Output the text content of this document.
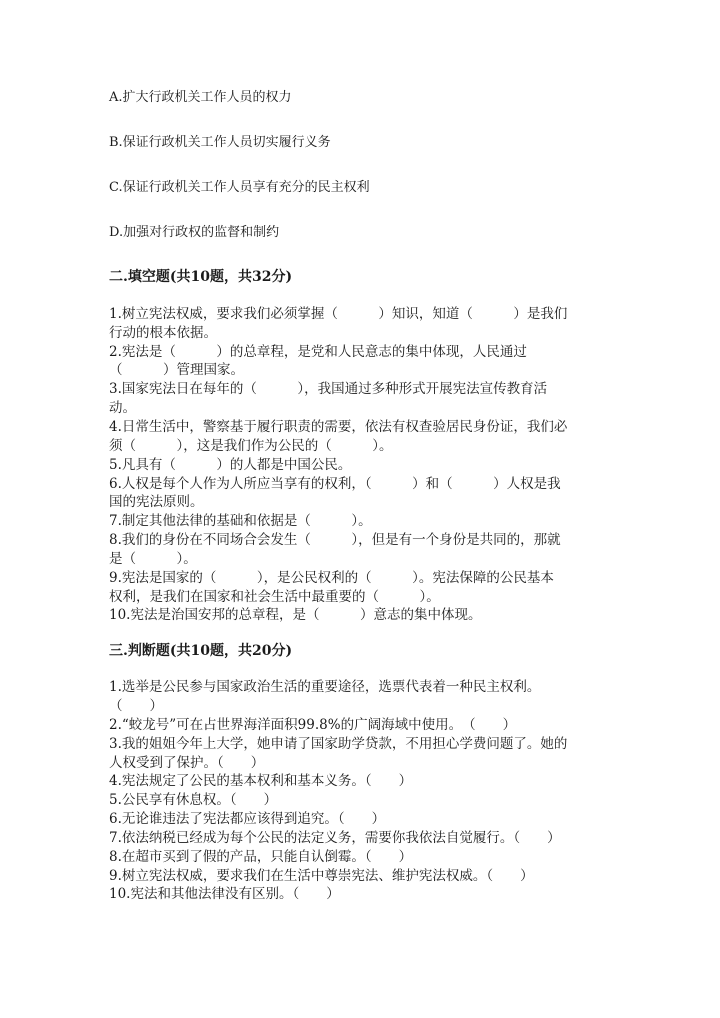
A.扩大行政机关工作人员的权力
B.保证行政机关工作人员切实履行义务
C.保证行政机关工作人员享有充分的民主权利
D.加强对行政权的监督和制约
二.填空题(共10题，共32分)
1.树立宪法权威，要求我们必须掌握（　　　）知识，知道（　　　）是我们
行动的根本依据。
2.宪法是（　　　）的总章程，是党和人民意志的集中体现，人民通过
（　　　）管理国家。
3.国家宪法日在每年的（　　　），我国通过多种形式开展宪法宣传教育活
动。
4.日常生活中，警察基于履行职责的需要，依法有权查验居民身份证，我们必
须（　　　），这是我们作为公民的（　　　）。
5.凡具有（　　　）的人都是中国公民。
6.人权是每个人作为人所应当享有的权利，（　　　）和（　　　）人权是我
国的宪法原则。
7.制定其他法律的基础和依据是（　　　）。
8.我们的身份在不同场合会发生（　　　），但是有一个身份是共同的，那就
是（　　　）。
9.宪法是国家的（　　　），是公民权利的（　　　）。宪法保障的公民基本
权利，是我们在国家和社会生活中最重要的（　　　）。
10.宪法是治国安邦的总章程，是（　　　）意志的集中体现。
三.判断题(共10题，共20分)
1.选举是公民参与国家政治生活的重要途径，选票代表着一种民主权利。
（　　）
2.“蛟龙号”可在占世界海洋面积99.8%的广阔海域中使用。　（　　）
3.我的姐姐今年上大学，她申请了国家助学贷款，不用担心学费问题了。她的
人权受到了保护。（　　）
4.宪法规定了公民的基本权利和基本义务。（　　）
5.公民享有休息权。（　　）
6.无论谁违法了宪法都应该得到追究。（　　）
7.依法纳税已经成为每个公民的法定义务，需要你我依法自觉履行。（　　）
8.在超市买到了假的产品，只能自认倒霉。（　　）
9.树立宪法权威，要求我们在生活中尊崇宪法、维护宪法权威。（　　）
10.宪法和其他法律没有区别。（　　）
